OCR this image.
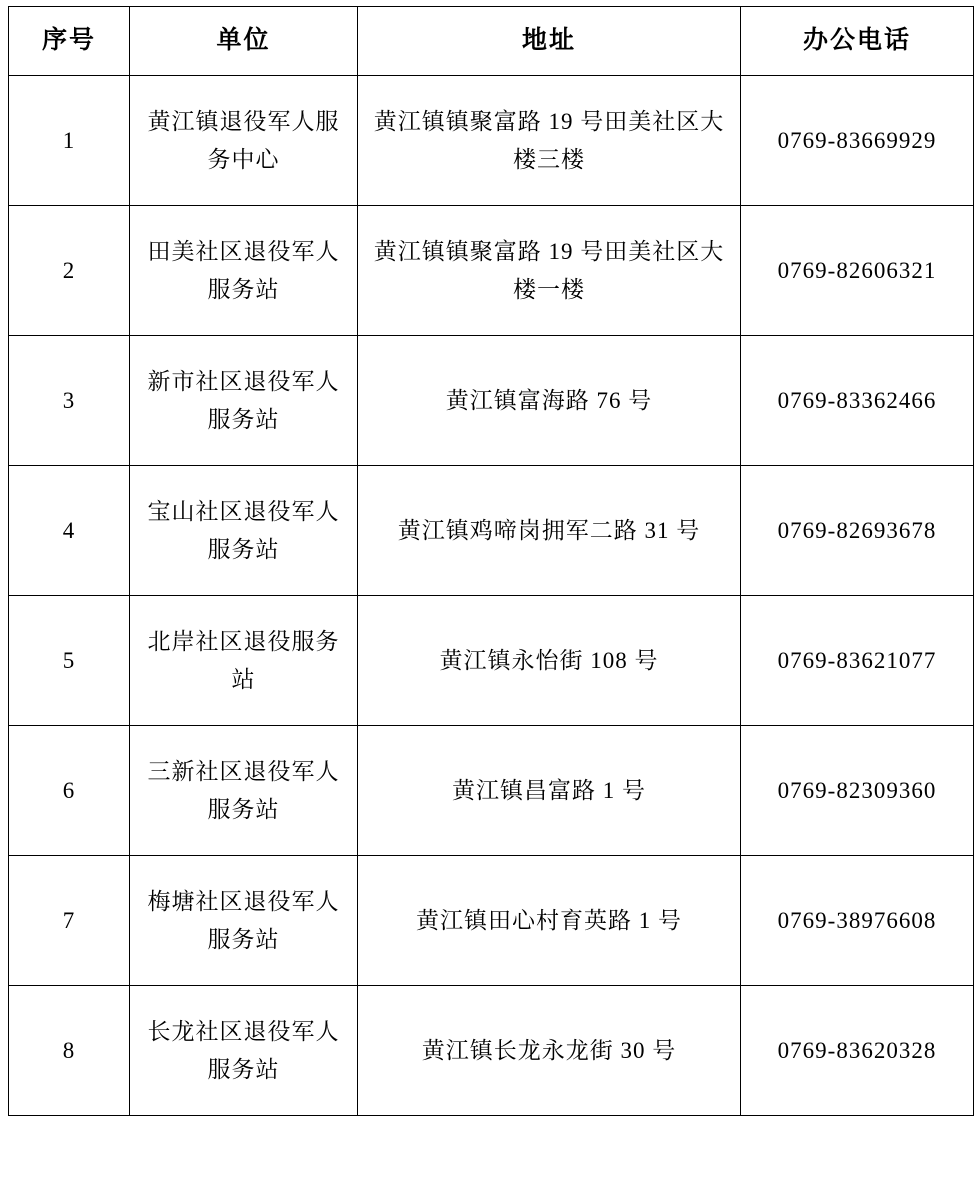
序号	单位	地址	办公电话
1	黄江镇退役军人服务中心	黄江镇镇聚富路 19 号田美社区大楼三楼	0769-83669929
2	田美社区退役军人服务站	黄江镇镇聚富路 19 号田美社区大楼一楼	0769-82606321
3	新市社区退役军人服务站	黄江镇富海路 76 号	0769-83362466
4	宝山社区退役军人服务站	黄江镇鸡啼岗拥军二路 31 号	0769-82693678
5	北岸社区退役服务站	黄江镇永怡街 108 号	0769-83621077
6	三新社区退役军人服务站	黄江镇昌富路 1 号	0769-82309360
7	梅塘社区退役军人服务站	黄江镇田心村育英路 1 号	0769-38976608
8	长龙社区退役军人服务站	黄江镇长龙永龙街 30 号	0769-83620328
